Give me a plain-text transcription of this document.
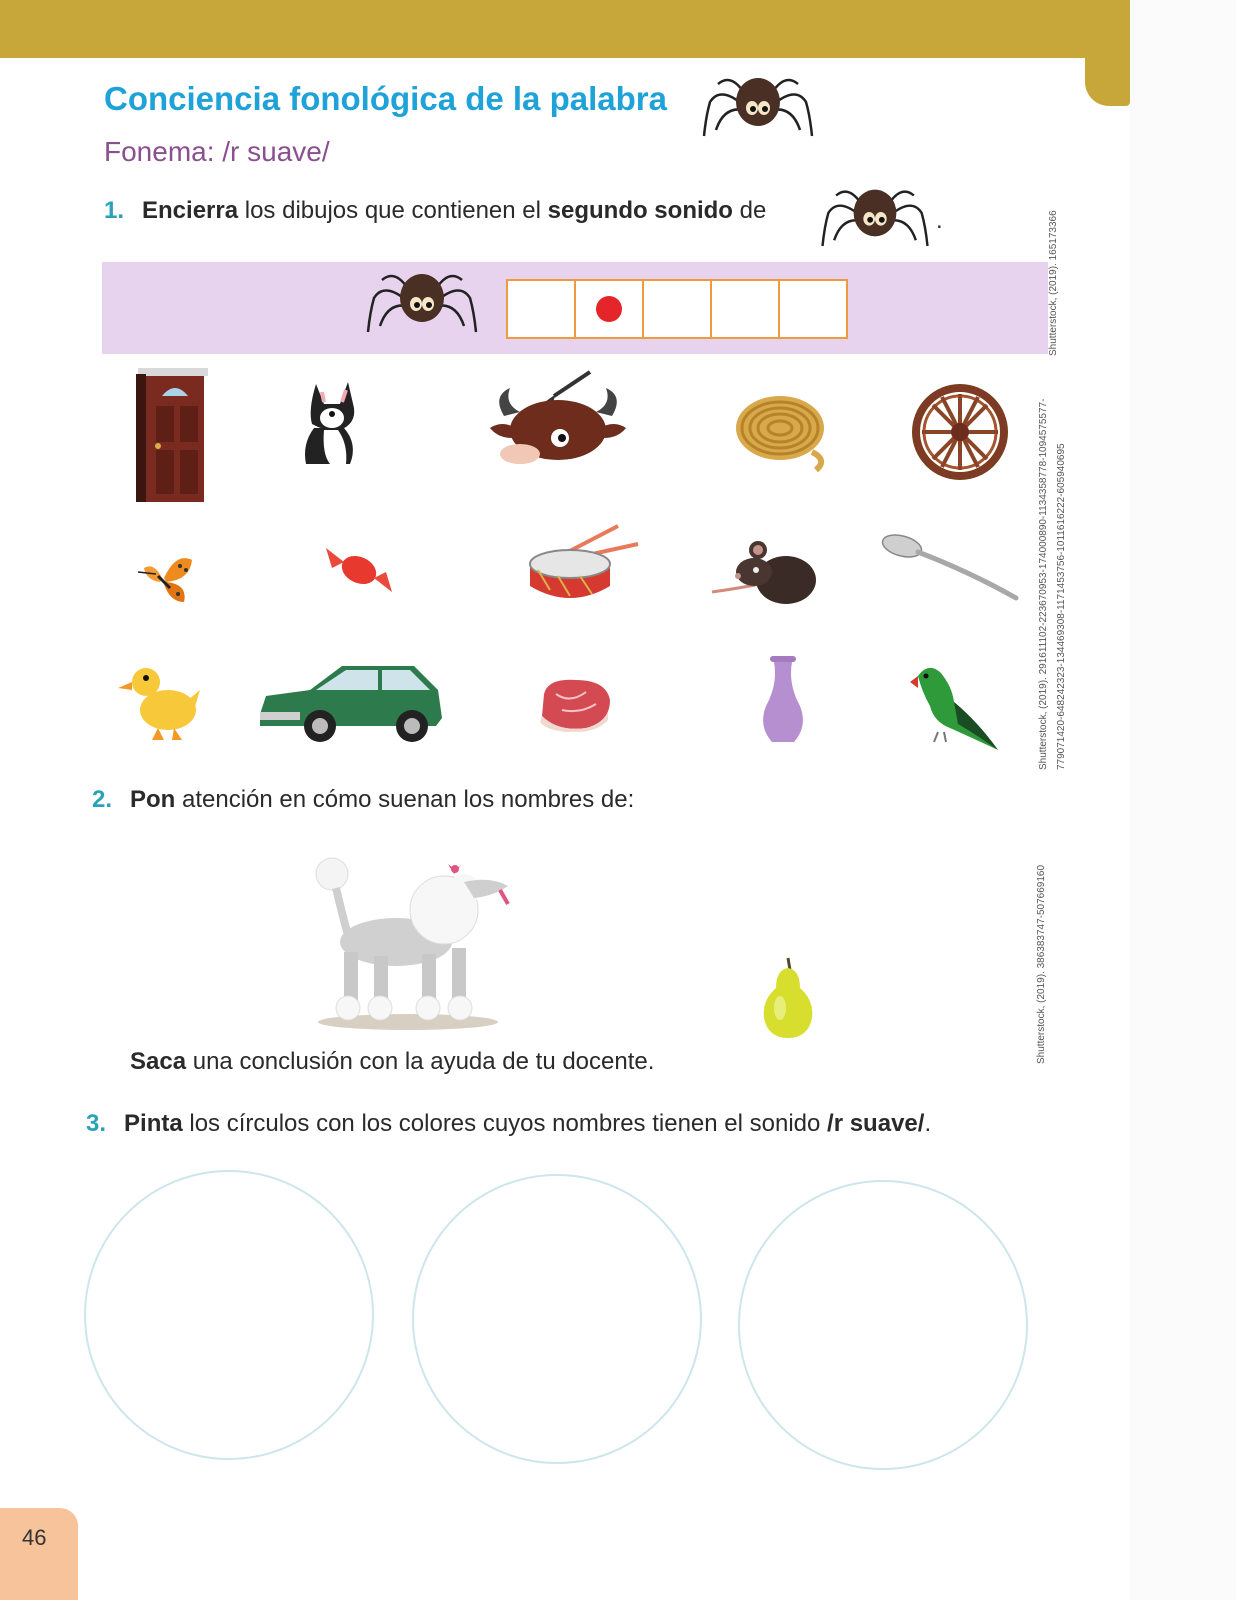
Conciencia fonológica de la palabra
Fonema: /r suave/
1. Encierra los dibujos que contienen el segundo sonido de	.	Shutterstock, (2019). 165173366
Shutterstock, (2019). 291611102-223670953-174000890-113435877​8-1094575577- 779071420-648242323-134469308-1171453756-1011616222-605940695
Shutterstock, (2019). 386383747-507669160
2. Pon atención en cómo suenan los nombres de:
Saca una conclusión con la ayuda de tu docente.
3. Pinta los círculos con los colores cuyos nombres tienen el sonido /r suave/.
46
